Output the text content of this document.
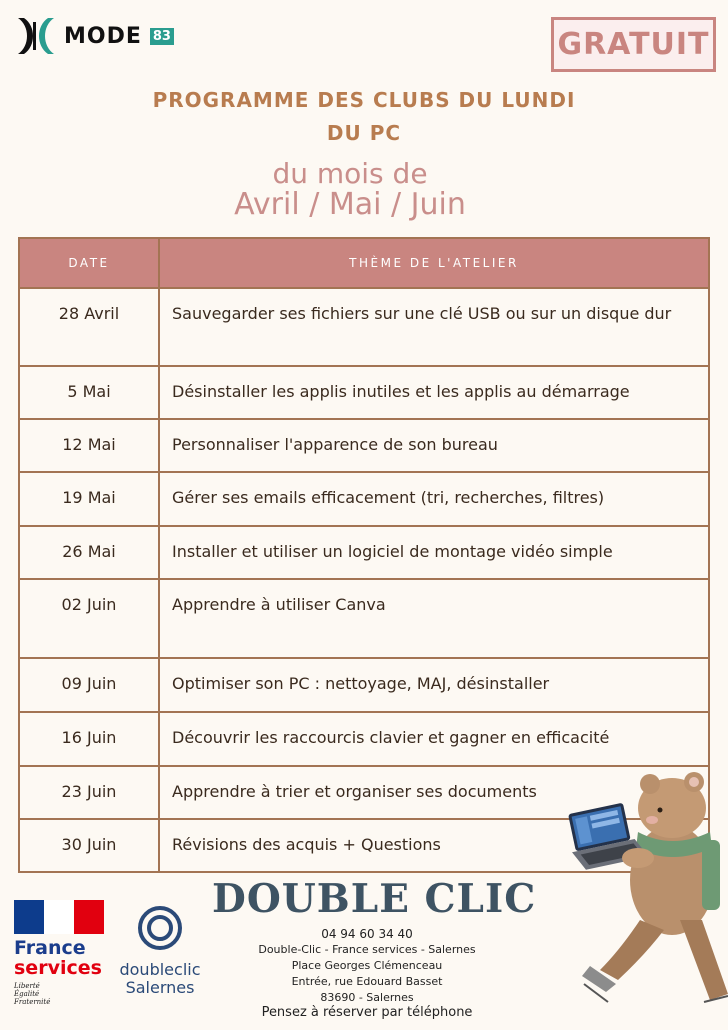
MODE 83	GRATUIT
PROGRAMME DES CLUBS DU LUNDI
DU PC
du mois de
Avril / Mai / Juin
DATE	THÈME DE L'ATELIER
28 Avril	Sauvegarder ses fichiers sur une clé USB ou sur un disque dur
5 Mai	Désinstaller les applis inutiles et les applis au démarrage
12 Mai	Personnaliser l'apparence de son bureau
19 Mai	Gérer ses emails efficacement (tri, recherches, filtres)
26 Mai	Installer et utiliser un logiciel de montage vidéo simple
02 Juin	Apprendre à utiliser Canva
09 Juin	Optimiser son PC : nettoyage, MAJ, désinstaller
16 Juin	Découvrir les raccourcis clavier et gagner en efficacité
23 Juin	Apprendre à trier et organiser ses documents
30 Juin	Révisions des acquis + Questions
DOUBLE CLIC
04 94 60 34 40
Double-Clic - France services - Salernes
Place Georges Clémenceau
Entrée, rue Edouard Basset
83690 - Salernes
Pensez à réserver par téléphone
France
services
Liberté
Égalité
Fraternité
doubleclic
Salernes
